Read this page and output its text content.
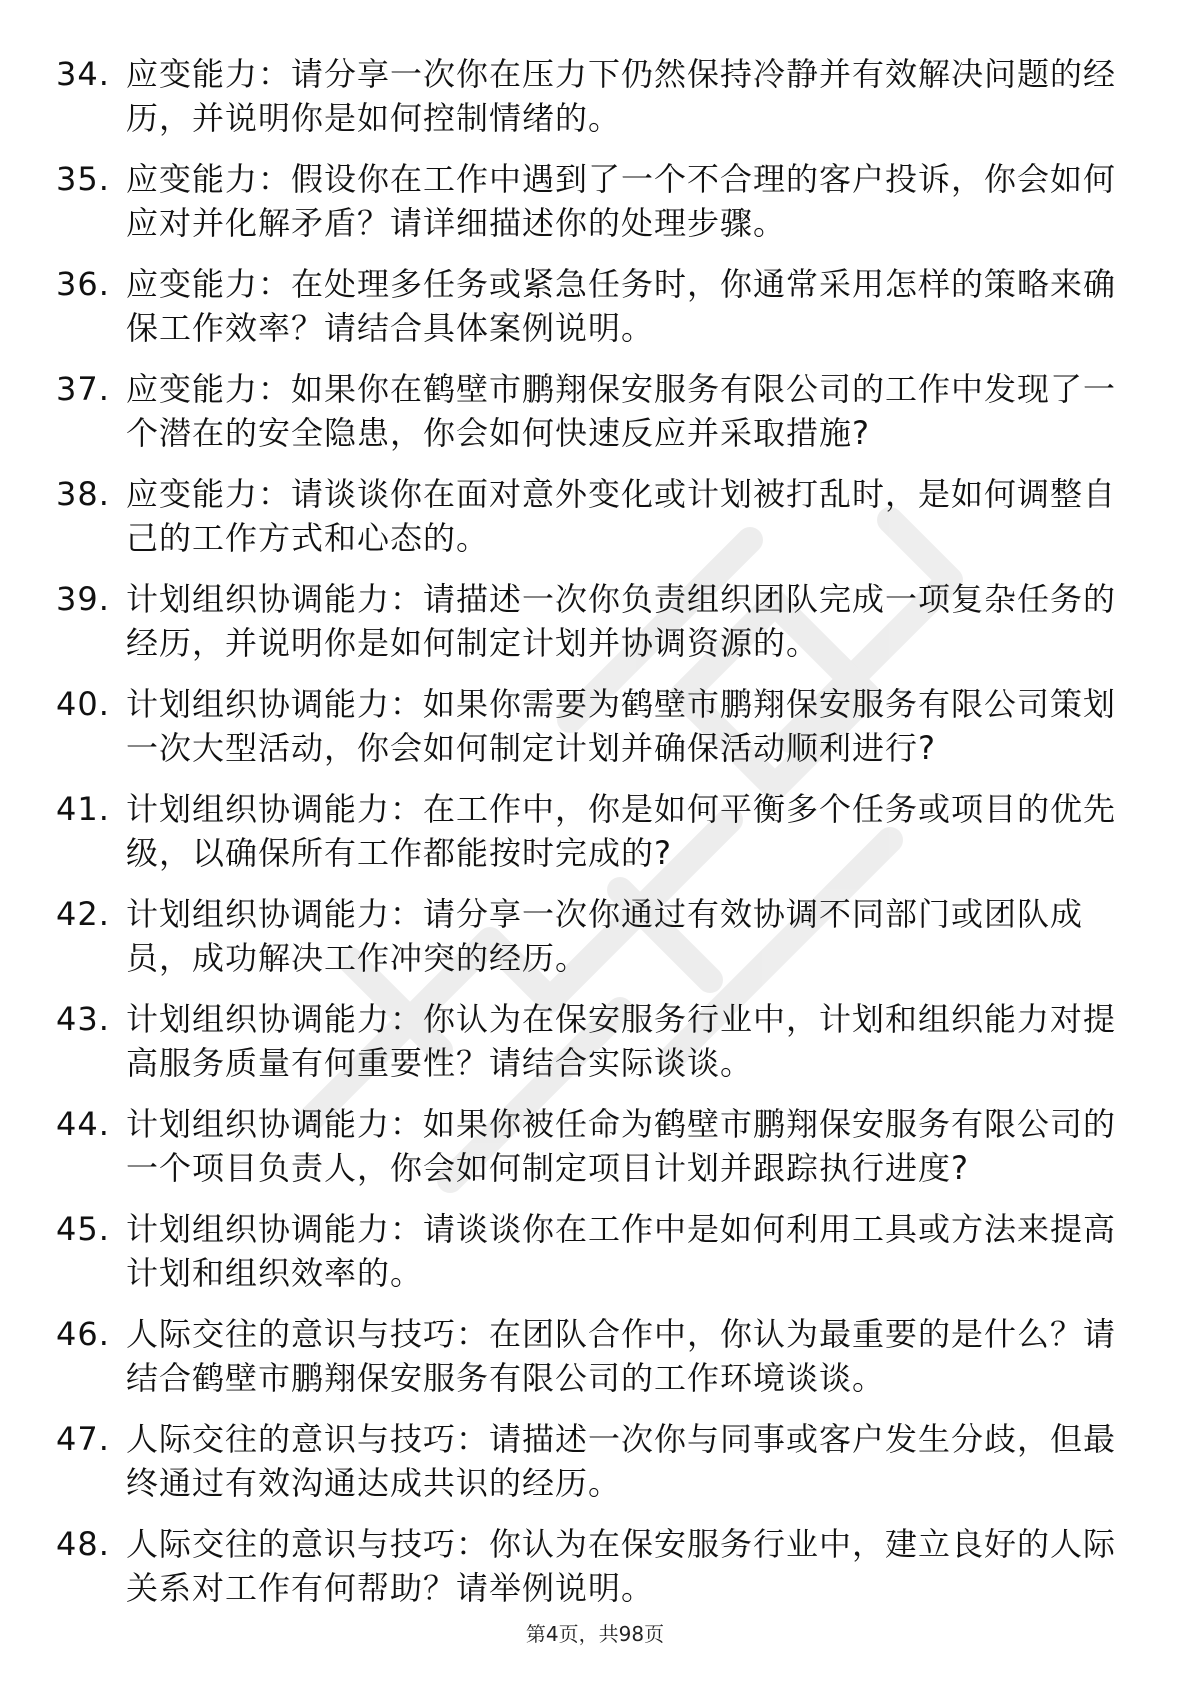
34. 应变能力：请分享一次你在压力下仍然保持冷静并有效解决问题的经历，并说明你是如何控制情绪的。
35. 应变能力：假设你在工作中遇到了一个不合理的客户投诉，你会如何应对并化解矛盾？请详细描述你的处理步骤。
36. 应变能力：在处理多任务或紧急任务时，你通常采用怎样的策略来确保工作效率？请结合具体案例说明。
37. 应变能力：如果你在鹤壁市鹏翔保安服务有限公司的工作中发现了一个潜在的安全隐患，你会如何快速反应并采取措施?
38. 应变能力：请谈谈你在面对意外变化或计划被打乱时，是如何调整自己的工作方式和心态的。
39. 计划组织协调能力：请描述一次你负责组织团队完成一项复杂任务的经历，并说明你是如何制定计划并协调资源的。
40. 计划组织协调能力：如果你需要为鹤壁市鹏翔保安服务有限公司策划一次大型活动，你会如何制定计划并确保活动顺利进行?
41. 计划组织协调能力：在工作中，你是如何平衡多个任务或项目的优先级，以确保所有工作都能按时完成的?
42. 计划组织协调能力：请分享一次你通过有效协调不同部门或团队成员，成功解决工作冲突的经历。
43. 计划组织协调能力：你认为在保安服务行业中，计划和组织能力对提高服务质量有何重要性？请结合实际谈谈。
44. 计划组织协调能力：如果你被任命为鹤壁市鹏翔保安服务有限公司的一个项目负责人，你会如何制定项目计划并跟踪执行进度?
45. 计划组织协调能力：请谈谈你在工作中是如何利用工具或方法来提高计划和组织效率的。
46. 人际交往的意识与技巧：在团队合作中，你认为最重要的是什么？请结合鹤壁市鹏翔保安服务有限公司的工作环境谈谈。
47. 人际交往的意识与技巧：请描述一次你与同事或客户发生分歧，但最终通过有效沟通达成共识的经历。
48. 人际交往的意识与技巧：你认为在保安服务行业中，建立良好的人际关系对工作有何帮助？请举例说明。
第4页，共98页
